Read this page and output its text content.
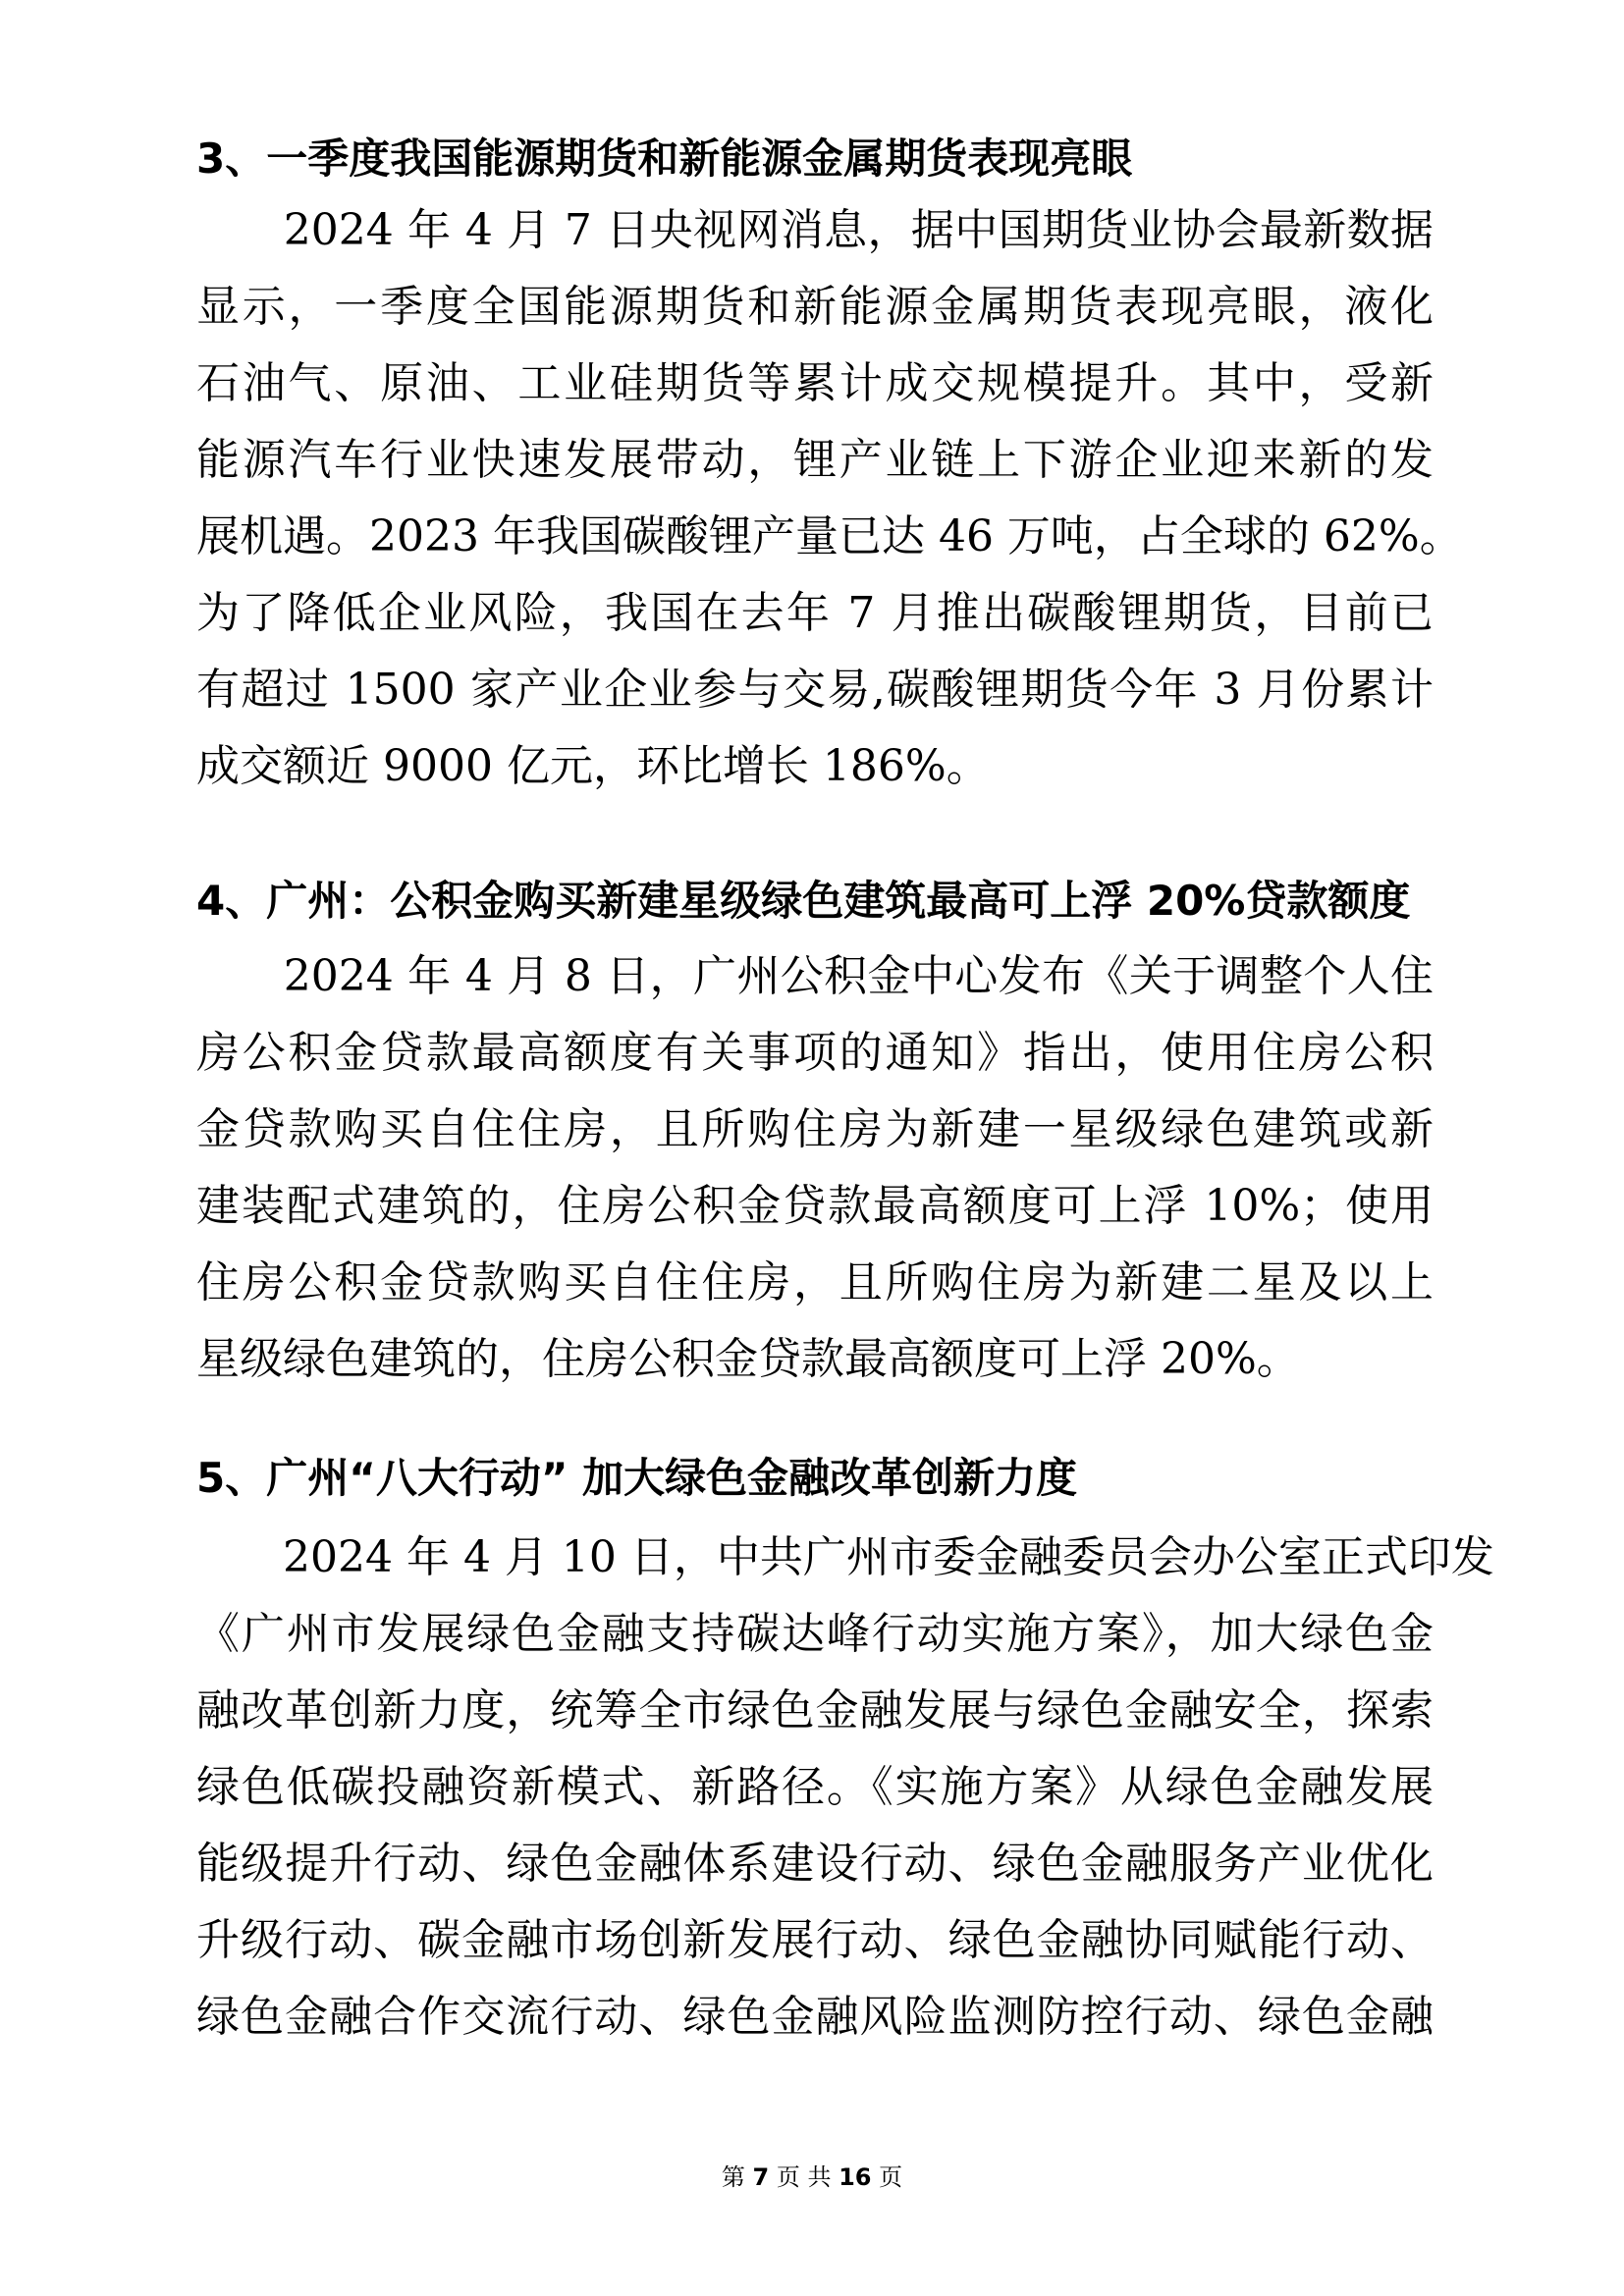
3、一季度我国能源期货和新能源金属期货表现亮眼
　　2024 年 4 月 7 日央视网消息，据中国期货业协会最新数据
显示，一季度全国能源期货和新能源金属期货表现亮眼，液化
石油气、原油、工业硅期货等累计成交规模提升。其中，受新
能源汽车行业快速发展带动，锂产业链上下游企业迎来新的发
展机遇。2023 年我国碳酸锂产量已达 46 万吨，占全球的 62%。
为了降低企业风险，我国在去年 7 月推出碳酸锂期货，目前已
有超过 1500 家产业企业参与交易,碳酸锂期货今年 3 月份累计
成交额近 9000 亿元，环比增长 186%。
4、广州：公积金购买新建星级绿色建筑最高可上浮 20%贷款额度
　　2024 年 4 月 8 日，广州公积金中心发布《关于调整个人住
房公积金贷款最高额度有关事项的通知》指出，使用住房公积
金贷款购买自住住房，且所购住房为新建一星级绿色建筑或新
建装配式建筑的，住房公积金贷款最高额度可上浮 10%；使用
住房公积金贷款购买自住住房，且所购住房为新建二星及以上
星级绿色建筑的，住房公积金贷款最高额度可上浮 20%。
5、广州“八大行动” 加大绿色金融改革创新力度
　　2024 年 4 月 10 日，中共广州市委金融委员会办公室正式印发
《广州市发展绿色金融支持碳达峰行动实施方案》，加大绿色金
融改革创新力度，统筹全市绿色金融发展与绿色金融安全，探索
绿色低碳投融资新模式、新路径。《实施方案》从绿色金融发展
能级提升行动、绿色金融体系建设行动、绿色金融服务产业优化
升级行动、碳金融市场创新发展行动、绿色金融协同赋能行动、
绿色金融合作交流行动、绿色金融风险监测防控行动、绿色金融
第 7 页 共 16 页
